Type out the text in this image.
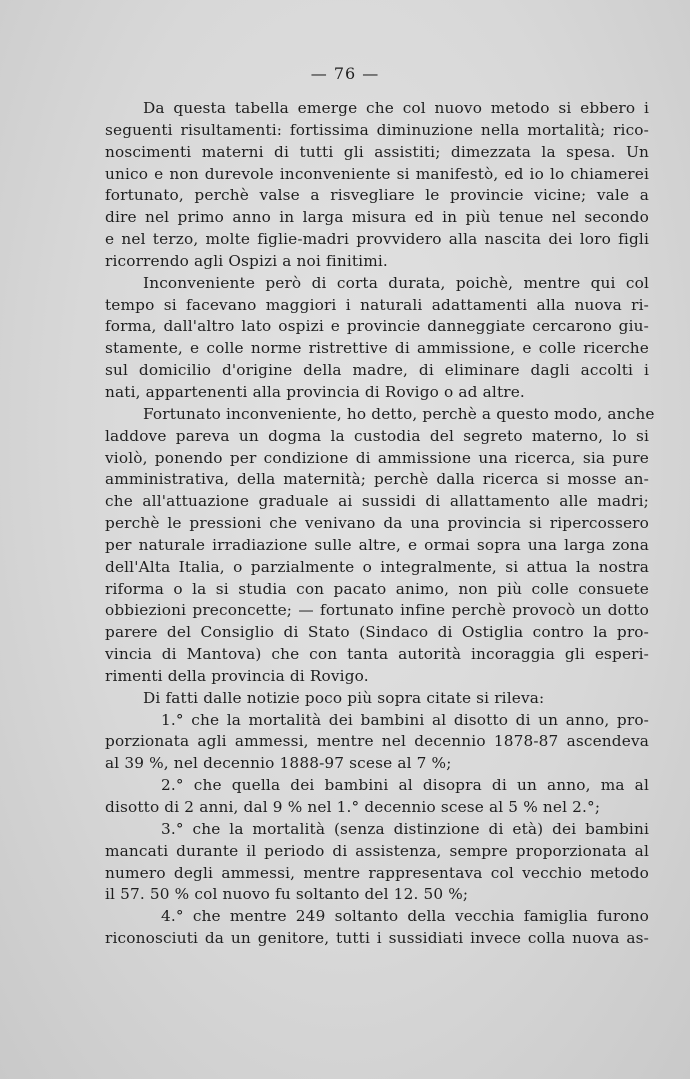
— 76 —
Da questa tabella emerge che col nuovo metodo si ebbero i
seguenti risultamenti: fortissima diminuzione nella mortalità; rico-
noscimenti materni di tutti gli assistiti; dimezzata la spesa. Un
unico e non durevole inconveniente si manifestò, ed io lo chiamerei
fortunato, perchè valse a risvegliare le provincie vicine; vale a
dire nel primo anno in larga misura ed in più tenue nel secondo
e nel terzo, molte figlie-madri provvidero alla nascita dei loro figli
ricorrendo agli Ospizi a noi finitimi.
Inconveniente però di corta durata, poichè, mentre qui col
tempo si facevano maggiori i naturali adattamenti alla nuova ri-
forma, dall'altro lato ospizi e provincie danneggiate cercarono giu-
stamente, e colle norme ristrettive di ammissione, e colle ricerche
sul domicilio d'origine della madre, di eliminare dagli accolti i
nati, appartenenti alla provincia di Rovigo o ad altre.
Fortunato inconveniente, ho detto, perchè a questo modo, anche
laddove pareva un dogma la custodia del segreto materno, lo si
violò, ponendo per condizione di ammissione una ricerca, sia pure
amministrativa, della maternità; perchè dalla ricerca si mosse an-
che all'attuazione graduale ai sussidi di allattamento alle madri;
perchè le pressioni che venivano da una provincia si ripercossero
per naturale irradiazione sulle altre, e ormai sopra una larga zona
dell'Alta Italia, o parzialmente o integralmente, si attua la nostra
riforma o la si studia con pacato animo, non più colle consuete
obbiezioni preconcette; — fortunato infine perchè provocò un dotto
parere del Consiglio di Stato (Sindaco di Ostiglia contro la pro-
vincia di Mantova) che con tanta autorità incoraggia gli esperi-
rimenti della provincia di Rovigo.
Di fatti dalle notizie poco più sopra citate si rileva:
1.° che la mortalità dei bambini al disotto di un anno, pro-
porzionata agli ammessi, mentre nel decennio 1878-87 ascendeva
al 39 %, nel decennio 1888-97 scese al 7 %;
2.° che quella dei bambini al disopra di un anno, ma al
disotto di 2 anni, dal 9 % nel 1.° decennio scese al 5 % nel 2.°;
3.° che la mortalità (senza distinzione di età) dei bambini
mancati durante il periodo di assistenza, sempre proporzionata al
numero degli ammessi, mentre rappresentava col vecchio metodo
il 57. 50 % col nuovo fu soltanto del 12. 50 %;
4.° che mentre 249 soltanto della vecchia famiglia furono
riconosciuti da un genitore, tutti i sussidiati invece colla nuova as-
